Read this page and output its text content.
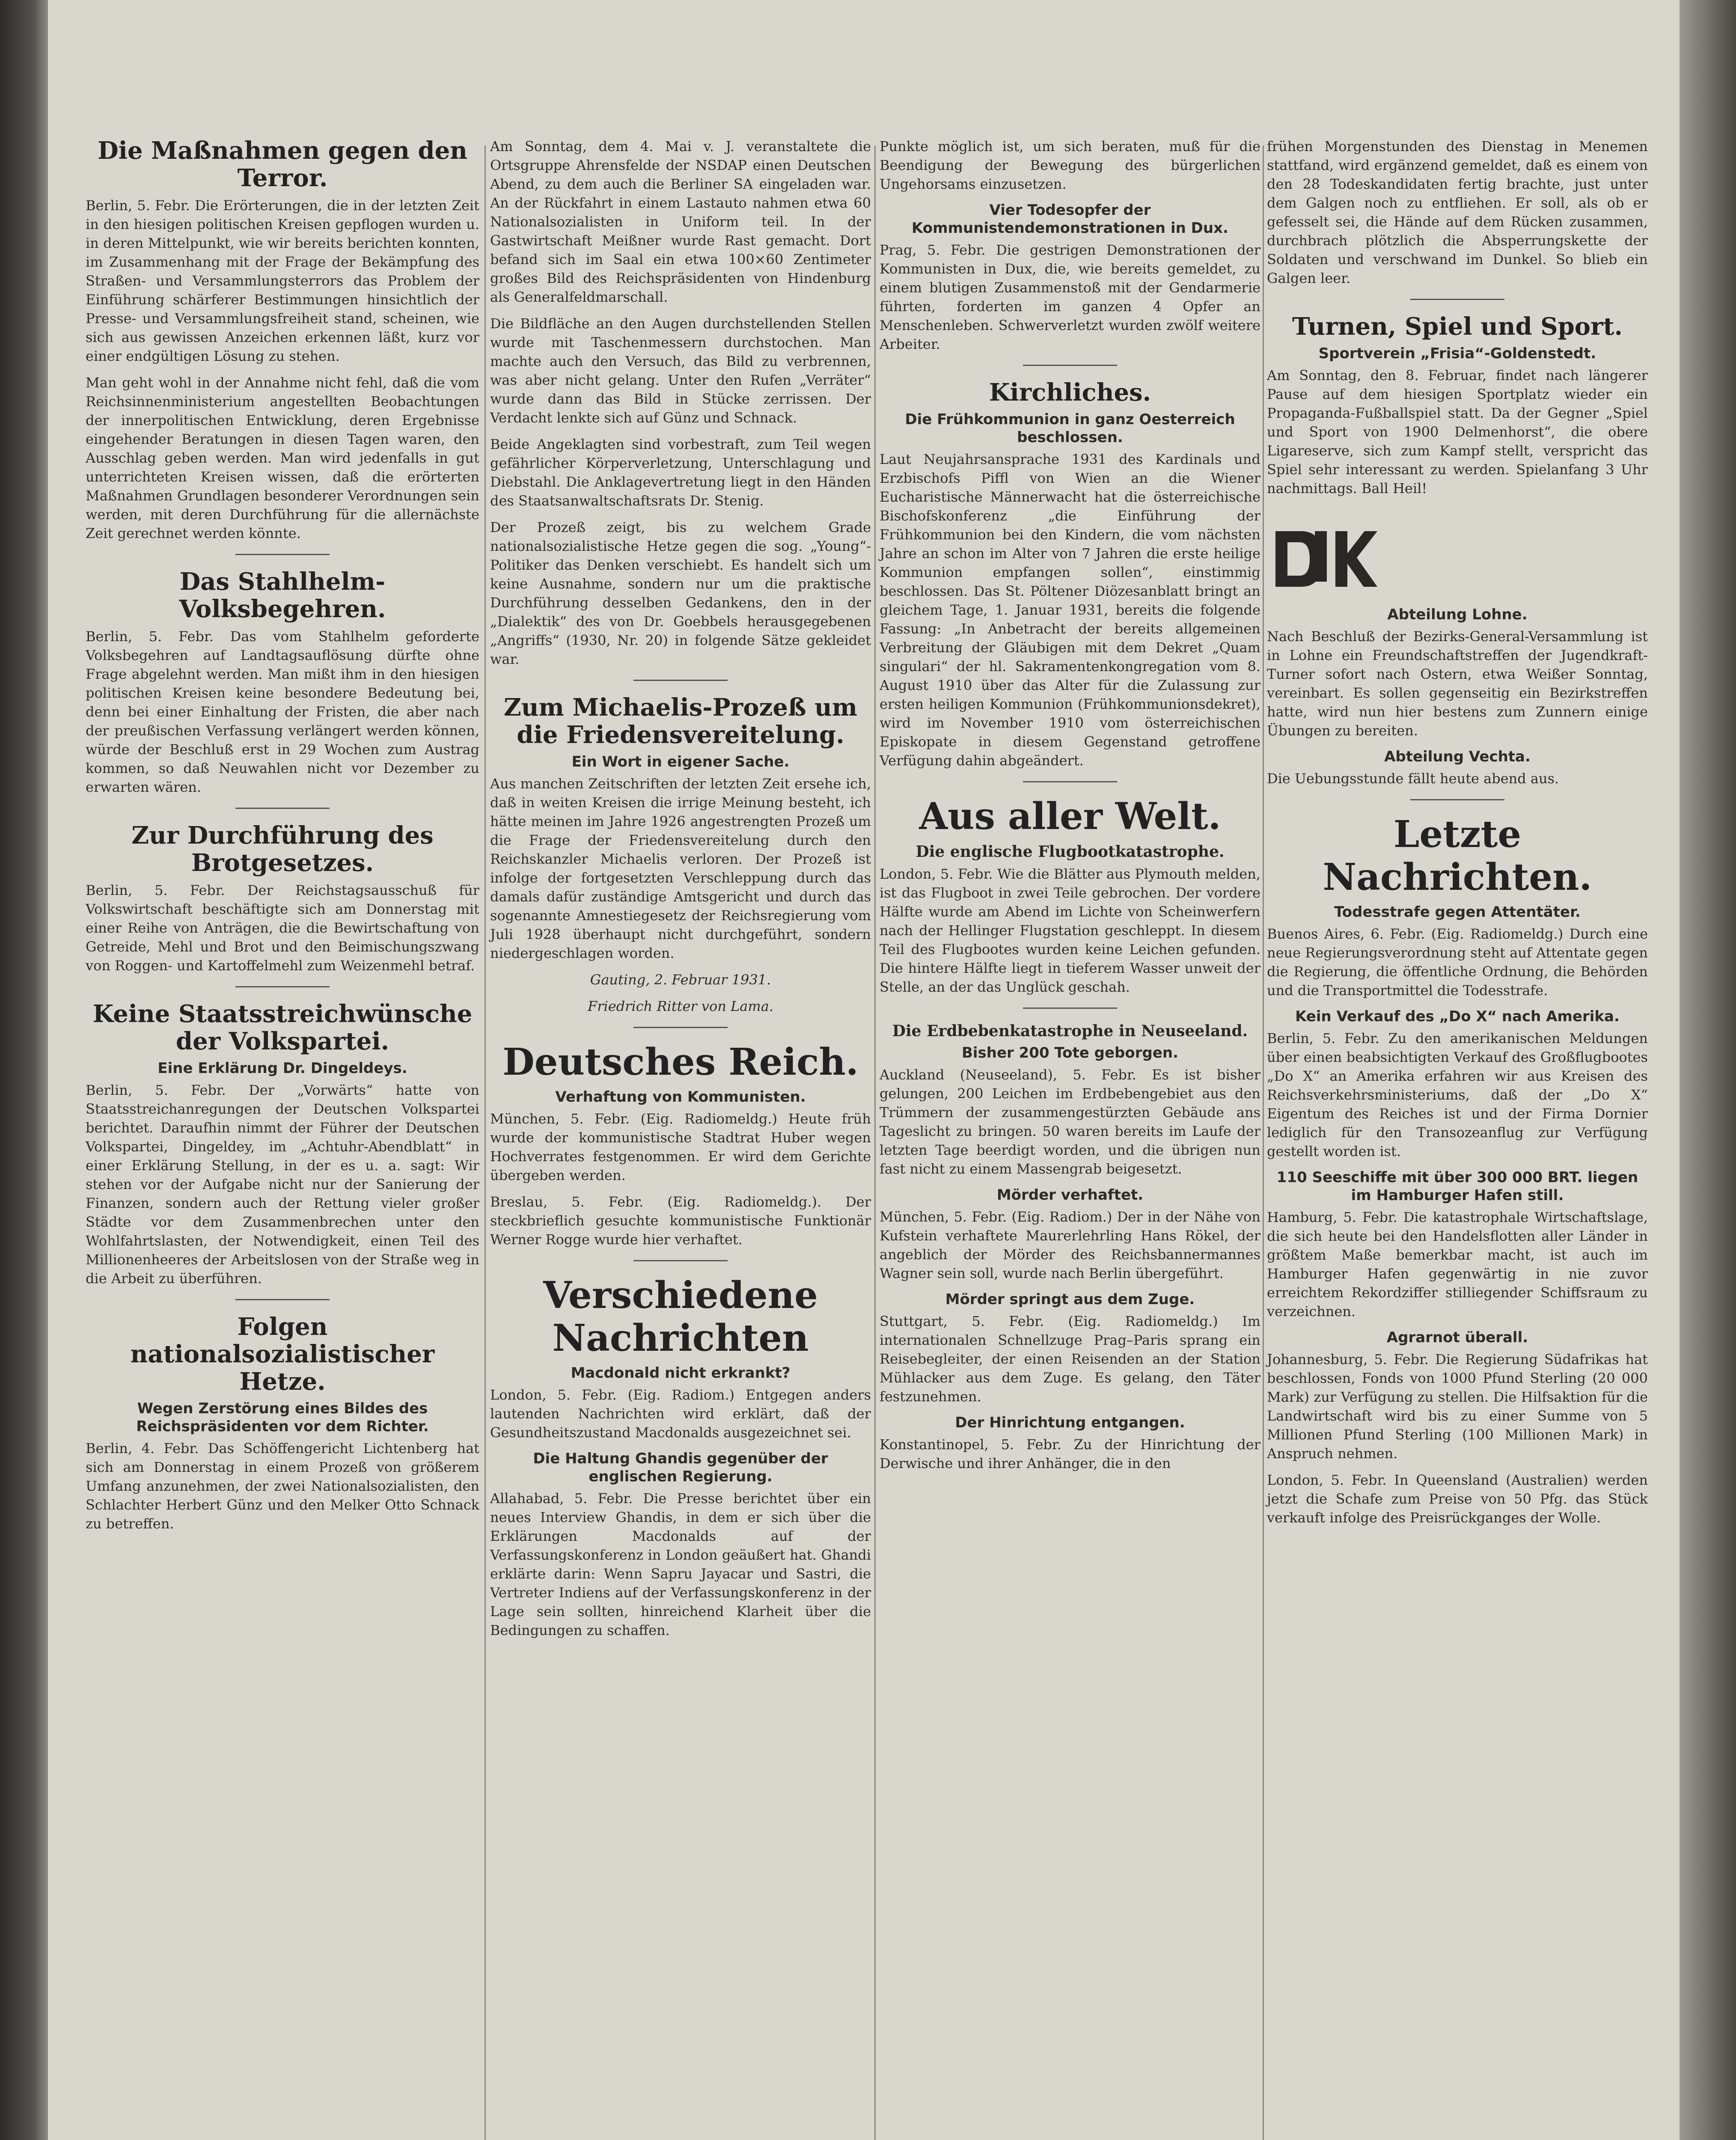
Die Maßnahmen gegen den Terror.

Berlin, 5. Febr. Die Erörterungen, die in der letzten Zeit in den hiesigen politischen Kreisen gepflogen wurden u. in deren Mittelpunkt, wie wir bereits berichten konnten, im Zusammenhang mit der Frage der Bekämpfung des Straßen- und Versammlungsterrors das Problem der Einführung schärferer Bestimmungen hinsichtlich der Presse- und Versammlungsfreiheit stand, scheinen, wie sich aus gewissen Anzeichen erkennen läßt, kurz vor einer endgültigen Lösung zu stehen.

Man geht wohl in der Annahme nicht fehl, daß die vom Reichsinnenministerium angestellten Beobachtungen der innerpolitischen Entwicklung, deren Ergebnisse eingehender Beratungen in diesen Tagen waren, den Ausschlag geben werden. Man wird jedenfalls in gut unterrichteten Kreisen wissen, daß die erörterten Maßnahmen Grundlagen besonderer Verordnungen sein werden, mit deren Durchführung für die allernächste Zeit gerechnet werden könnte.

Das Stahlhelm-Volksbegehren.

Berlin, 5. Febr. Das vom Stahlhelm geforderte Volksbegehren auf Landtagsauflösung dürfte ohne Frage abgelehnt werden. Man mißt ihm in den hiesigen politischen Kreisen keine besondere Bedeutung bei, denn bei einer Einhaltung der Fristen, die aber nach der preußischen Verfassung verlängert werden können, würde der Beschluß erst in 29 Wochen zum Austrag kommen, so daß Neuwahlen nicht vor Dezember zu erwarten wären.

Zur Durchführung des Brotgesetzes.

Berlin, 5. Febr. Der Reichstagsausschuß für Volkswirtschaft beschäftigte sich am Donnerstag mit einer Reihe von Anträgen, die die Bewirtschaftung von Getreide, Mehl und Brot und den Beimischungszwang von Roggen- und Kartoffelmehl zum Weizenmehl betraf.

Keine Staatsstreichwünsche der Volkspartei.
Eine Erklärung Dr. Dingeldeys.

Berlin, 5. Febr. Der „Vorwärts“ hatte von Staatsstreichanregungen der Deutschen Volkspartei berichtet. Daraufhin nimmt der Führer der Deutschen Volkspartei, Dingeldey, im „Achtuhr-Abendblatt“ in einer Erklärung Stellung, in der es u. a. sagt: Wir stehen vor der Aufgabe nicht nur der Sanierung der Finanzen, sondern auch der Rettung vieler großer Städte vor dem Zusammenbrechen unter den Wohlfahrtslasten, der Notwendigkeit, einen Teil des Millionenheeres der Arbeitslosen von der Straße weg in die Arbeit zu überführen.

Folgen nationalsozialistischer Hetze.
Wegen Zerstörung eines Bildes des Reichspräsidenten vor dem Richter.

Berlin, 4. Febr. Das Schöffengericht Lichtenberg hat sich am Donnerstag in einem Prozeß von größerem Umfang anzunehmen, der zwei Nationalsozialisten, den Schlachter Herbert Günz und den Melker Otto Schnack zu betreffen.

Am Sonntag, dem 4. Mai v. J. veranstaltete die Ortsgruppe Ahrensfelde der NSDAP einen Deutschen Abend, zu dem auch die Berliner SA eingeladen war. An der Rückfahrt in einem Lastauto nahmen etwa 60 Nationalsozialisten in Uniform teil. In der Gastwirtschaft Meißner wurde Rast gemacht. Dort befand sich im Saal ein etwa 100×60 Zentimeter großes Bild des Reichspräsidenten von Hindenburg als Generalfeldmarschall.

Die Bildfläche an den Augen durchstellenden Stellen wurde mit Taschenmessern durchstochen. Man machte auch den Versuch, das Bild zu verbrennen, was aber nicht gelang. Unter den Rufen „Verräter“ wurde dann das Bild in Stücke zerrissen. Der Verdacht lenkte sich auf Günz und Schnack.

Beide Angeklagten sind vorbestraft, zum Teil wegen gefährlicher Körperverletzung, Unterschlagung und Diebstahl. Die Anklagevertretung liegt in den Händen des Staatsanwaltschaftsrats Dr. Stenig.

Der Prozeß zeigt, bis zu welchem Grade nationalsozialistische Hetze gegen die sog. „Young“-Politiker das Denken verschiebt. Es handelt sich um keine Ausnahme, sondern nur um die praktische Durchführung desselben Gedankens, den in der „Dialektik“ des von Dr. Goebbels herausgegebenen „Angriffs“ (1930, Nr. 20) in folgende Sätze gekleidet war.

Zum Michaelis-Prozeß um die Friedensvereitelung.
Ein Wort in eigener Sache.

Aus manchen Zeitschriften der letzten Zeit ersehe ich, daß in weiten Kreisen die irrige Meinung besteht, ich hätte meinen im Jahre 1926 angestrengten Prozeß um die Frage der Friedensvereitelung durch den Reichskanzler Michaelis verloren. Der Prozeß ist infolge der fortgesetzten Verschleppung durch das damals dafür zuständige Amtsgericht und durch das sogenannte Amnestiegesetz der Reichsregierung vom Juli 1928 überhaupt nicht durchgeführt, sondern niedergeschlagen worden.

Gauting, 2. Februar 1931.

Friedrich Ritter von Lama.

Deutsches Reich.
Verhaftung von Kommunisten.

München, 5. Febr. (Eig. Radiomeldg.) Heute früh wurde der kommunistische Stadtrat Huber wegen Hochverrates festgenommen. Er wird dem Gerichte übergeben werden.

Breslau, 5. Febr. (Eig. Radiomeldg.). Der steckbrieflich gesuchte kommunistische Funktionär Werner Rogge wurde hier verhaftet.

Verschiedene Nachrichten
Macdonald nicht erkrankt?

London, 5. Febr. (Eig. Radiom.) Entgegen anders lautenden Nachrichten wird erklärt, daß der Gesundheitszustand Macdonalds ausgezeichnet sei.

Die Haltung Ghandis gegenüber der englischen Regierung.

Allahabad, 5. Febr. Die Presse berichtet über ein neues Interview Ghandis, in dem er sich über die Erklärungen Macdonalds auf der Verfassungskonferenz in London geäußert hat. Ghandi erklärte darin: Wenn Sapru Jayacar und Sastri, die Vertreter Indiens auf der Verfassungskonferenz in der Lage sein sollten, hinreichend Klarheit über die Bedingungen zu schaffen.

Punkte möglich ist, um sich beraten, muß für die Beendigung der Bewegung des bürgerlichen Ungehorsams einzusetzen.

Vier Todesopfer der Kommunistendemonstrationen in Dux.

Prag, 5. Febr. Die gestrigen Demonstrationen der Kommunisten in Dux, die, wie bereits gemeldet, zu einem blutigen Zusammenstoß mit der Gendarmerie führten, forderten im ganzen 4 Opfer an Menschenleben. Schwerverletzt wurden zwölf weitere Arbeiter.

Kirchliches.
Die Frühkommunion in ganz Oesterreich beschlossen.

Laut Neujahrsansprache 1931 des Kardinals und Erzbischofs Piffl von Wien an die Wiener Eucharistische Männerwacht hat die österreichische Bischofskonferenz „die Einführung der Frühkommunion bei den Kindern, die vom nächsten Jahre an schon im Alter von 7 Jahren die erste heilige Kommunion empfangen sollen“, einstimmig beschlossen. Das St. Pöltener Diözesanblatt bringt an gleichem Tage, 1. Januar 1931, bereits die folgende Fassung: „In Anbetracht der bereits allgemeinen Verbreitung der Gläubigen mit dem Dekret „Quam singulari“ der hl. Sakramentenkongregation vom 8. August 1910 über das Alter für die Zulassung zur ersten heiligen Kommunion (Frühkommunionsdekret), wird im November 1910 vom österreichischen Episkopate in diesem Gegenstand getroffene Verfügung dahin abgeändert.

Aus aller Welt.
Die englische Flugbootkatastrophe.

London, 5. Febr. Wie die Blätter aus Plymouth melden, ist das Flugboot in zwei Teile gebrochen. Der vordere Hälfte wurde am Abend im Lichte von Scheinwerfern nach der Hellinger Flugstation geschleppt. In diesem Teil des Flugbootes wurden keine Leichen gefunden. Die hintere Hälfte liegt in tieferem Wasser unweit der Stelle, an der das Unglück geschah.

Die Erdbebenkatastrophe in Neuseeland.
Bisher 200 Tote geborgen.

Auckland (Neuseeland), 5. Febr. Es ist bisher gelungen, 200 Leichen im Erdbebengebiet aus den Trümmern der zusammengestürzten Gebäude ans Tageslicht zu bringen. 50 waren bereits im Laufe der letzten Tage beerdigt worden, und die übrigen nun fast nicht zu einem Massengrab beigesetzt.

Mörder verhaftet.

München, 5. Febr. (Eig. Radiom.) Der in der Nähe von Kufstein verhaftete Maurerlehrling Hans Rökel, der angeblich der Mörder des Reichsbannermannes Wagner sein soll, wurde nach Berlin übergeführt.

Mörder springt aus dem Zuge.

Stuttgart, 5. Febr. (Eig. Radiomeldg.) Im internationalen Schnellzuge Prag–Paris sprang ein Reisebegleiter, der einen Reisenden an der Station Mühlacker aus dem Zuge. Es gelang, den Täter festzunehmen.

Der Hinrichtung entgangen.

Konstantinopel, 5. Febr. Zu der Hinrichtung der Derwische und ihrer Anhänger, die in den

frühen Morgenstunden des Dienstag in Menemen stattfand, wird ergänzend gemeldet, daß es einem von den 28 Todeskandidaten fertig brachte, just unter dem Galgen noch zu entfliehen. Er soll, als ob er gefesselt sei, die Hände auf dem Rücken zusammen, durchbrach plötzlich die Absperrungskette der Soldaten und verschwand im Dunkel. So blieb ein Galgen leer.

Turnen, Spiel und Sport.
Sportverein „Frisia“-Goldenstedt.

Am Sonntag, den 8. Februar, findet nach längerer Pause auf dem hiesigen Sportplatz wieder ein Propaganda-Fußballspiel statt. Da der Gegner „Spiel und Sport von 1900 Delmenhorst“, die obere Ligareserve, sich zum Kampf stellt, verspricht das Spiel sehr interessant zu werden. Spielanfang 3 Uhr nachmittags. Ball Heil!

Abteilung Lohne.

Nach Beschluß der Bezirks-General-Versammlung ist in Lohne ein Freundschaftstreffen der Jugendkraft-Turner sofort nach Ostern, etwa Weißer Sonntag, vereinbart. Es sollen gegenseitig ein Bezirkstreffen hatte, wird nun hier bestens zum Zunnern einige Übungen zu bereiten.

Abteilung Vechta.

Die Uebungsstunde fällt heute abend aus.

Letzte Nachrichten.
Todesstrafe gegen Attentäter.

Buenos Aires, 6. Febr. (Eig. Radiomeldg.) Durch eine neue Regierungsverordnung steht auf Attentate gegen die Regierung, die öffentliche Ordnung, die Behörden und die Transportmittel die Todesstrafe.

Kein Verkauf des „Do X“ nach Amerika.

Berlin, 5. Febr. Zu den amerikanischen Meldungen über einen beabsichtigten Verkauf des Großflugbootes „Do X“ an Amerika erfahren wir aus Kreisen des Reichsverkehrsministeriums, daß der „Do X“ Eigentum des Reiches ist und der Firma Dornier lediglich für den Transozeanflug zur Verfügung gestellt worden ist.

110 Seeschiffe mit über 300 000 BRT. liegen im Hamburger Hafen still.

Hamburg, 5. Febr. Die katastrophale Wirtschaftslage, die sich heute bei den Handelsflotten aller Länder in größtem Maße bemerkbar macht, ist auch im Hamburger Hafen gegenwärtig in nie zuvor erreichtem Rekordziffer stilliegender Schiffsraum zu verzeichnen.

Agrarnot überall.

Johannesburg, 5. Febr. Die Regierung Südafrikas hat beschlossen, Fonds von 1000 Pfund Sterling (20 000 Mark) zur Verfügung zu stellen. Die Hilfsaktion für die Landwirtschaft wird bis zu einer Summe von 5 Millionen Pfund Sterling (100 Millionen Mark) in Anspruch nehmen.

London, 5. Febr. In Queensland (Australien) werden jetzt die Schafe zum Preise von 50 Pfg. das Stück verkauft infolge des Preisrückganges der Wolle.
